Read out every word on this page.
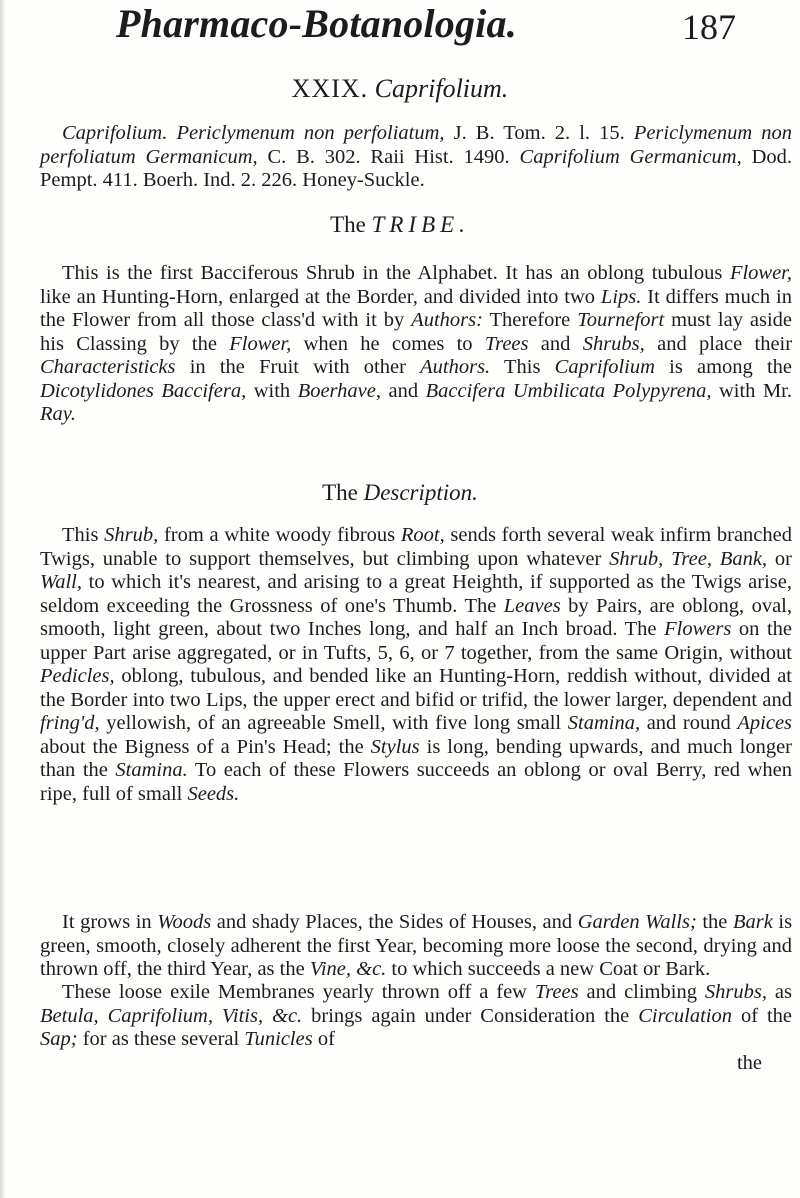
Pharmaco-Botanologia.	187
XXIX. Caprifolium.

Caprifolium. Periclymenum non perfoliatum, J. B. Tom. 2. l. 15. Periclymenum non perfoliatum Germanicum, C. B. 302. Raii Hist. 1490. Caprifolium Germanicum, Dod. Pempt. 411. Boerh. Ind. 2. 226. Honey-Suckle.

The TRIBE.

This is the first Bacciferous Shrub in the Alphabet. It has an oblong tubulous Flower, like an Hunting-Horn, enlarged at the Border, and divided into two Lips. It differs much in the Flower from all those class'd with it by Authors: Therefore Tournefort must lay aside his Classing by the Flower, when he comes to Trees and Shrubs, and place their Characteristicks in the Fruit with other Authors. This Caprifolium is among the Dicotylidones Baccifera, with Boerhave, and Baccifera Umbilicata Polypyrena, with Mr. Ray.

The Description.

This Shrub, from a white woody fibrous Root, sends forth several weak infirm branched Twigs, unable to support themselves, but climbing upon whatever Shrub, Tree, Bank, or Wall, to which it's nearest, and arising to a great Heighth, if supported as the Twigs arise, seldom exceeding the Grossness of one's Thumb. The Leaves by Pairs, are oblong, oval, smooth, light green, about two Inches long, and half an Inch broad. The Flowers on the upper Part arise aggregated, or in Tufts, 5, 6, or 7 together, from the same Origin, without Pedicles, oblong, tubulous, and bended like an Hunting-Horn, reddish without, divided at the Border into two Lips, the upper erect and bifid or trifid, the lower larger, dependent and fring'd, yellowish, of an agreeable Smell, with five long small Stamina, and round Apices about the Bigness of a Pin's Head; the Stylus is long, bending upwards, and much longer than the Stamina. To each of these Flowers succeeds an oblong or oval Berry, red when ripe, full of small Seeds.

It grows in Woods and shady Places, the Sides of Houses, and Garden Walls; the Bark is green, smooth, closely adherent the first Year, becoming more loose the second, drying and thrown off, the third Year, as the Vine, &c. to which succeeds a new Coat or Bark.

These loose exile Membranes yearly thrown off a few Trees and climbing Shrubs, as Betula, Caprifolium, Vitis, &c. brings again under Consideration the Circulation of the Sap; for as these several Tunicles of

the
